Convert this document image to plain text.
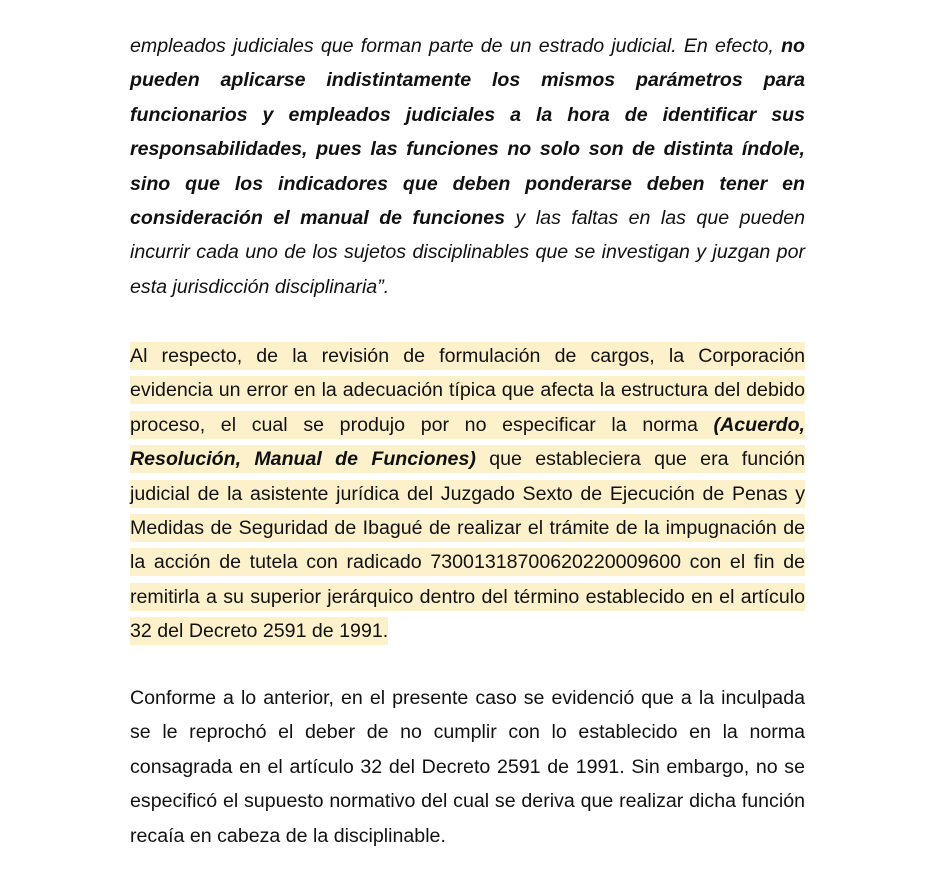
empleados judiciales que forman parte de un estrado judicial. En efecto, no pueden aplicarse indistintamente los mismos parámetros para funcionarios y empleados judiciales a la hora de identificar sus responsabilidades, pues las funciones no solo son de distinta índole, sino que los indicadores que deben ponderarse deben tener en consideración el manual de funciones y las faltas en las que pueden incurrir cada uno de los sujetos disciplinables que se investigan y juzgan por esta jurisdicción disciplinaria”.

Al respecto, de la revisión de formulación de cargos, la Corporación evidencia un error en la adecuación típica que afecta la estructura del debido proceso, el cual se produjo por no especificar la norma (Acuerdo, Resolución, Manual de Funciones) que estableciera que era función judicial de la asistente jurídica del Juzgado Sexto de Ejecución de Penas y Medidas de Seguridad de Ibagué de realizar el trámite de la impugnación de la acción de tutela con radicado 73001318700620220009600 con el fin de remitirla a su superior jerárquico dentro del término establecido en el artículo 32 del Decreto 2591 de 1991.

Conforme a lo anterior, en el presente caso se evidenció que a la inculpada se le reprochó el deber de no cumplir con lo establecido en la norma consagrada en el artículo 32 del Decreto 2591 de 1991. Sin embargo, no se especificó el supuesto normativo del cual se deriva que realizar dicha función recaía en cabeza de la disciplinable.
